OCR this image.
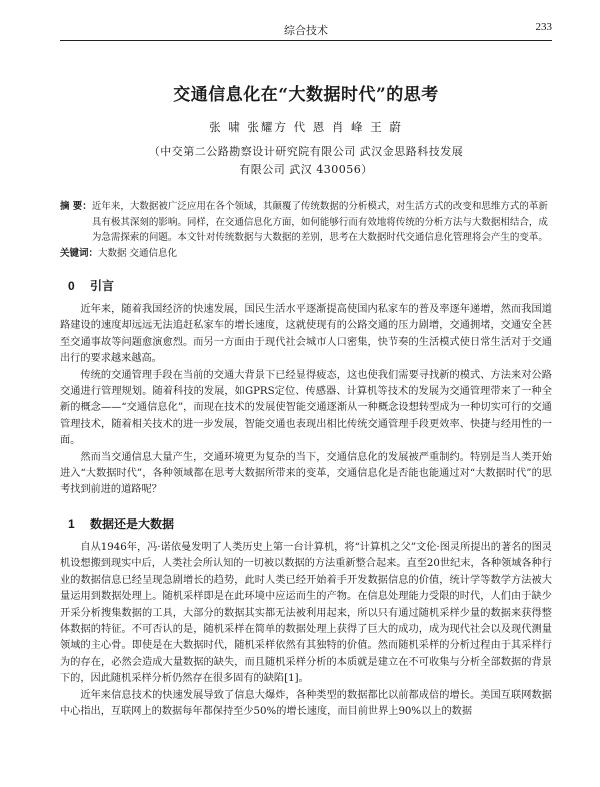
综合技术	233
交通信息化在“大数据时代”的思考
张 啸 张耀方 代 恩 肖 峰 王 蔚
（中交第二公路勘察设计研究院有限公司 武汉金思路科技发展
有限公司 武汉 430056）
摘 要： 近年来，大数据被广泛应用在各个领域，其颠覆了传统数据的分析模式，对生活方式的改变和思维方式的革新具有极其深刻的影响。同样，在交通信息化方面，如何能够行而有效地将传统的分析方法与大数据相结合，成为急需探索的问题。本文针对传统数据与大数据的差别，思考在大数据时代交通信息化管理将会产生的变革。
关键词：大数据 交通信息化
0 引言

近年来，随着我国经济的快速发展，国民生活水平逐渐提高使国内私家车的普及率逐年递增，然而我国道路建设的速度却远远无法追赶私家车的增长速度，这就使现有的公路交通的压力剧增，交通拥堵，交通安全甚至交通事故等问题愈演愈烈。而另一方面由于现代社会城市人口密集，快节奏的生活模式使日常生活对于交通出行的要求越来越高。

传统的交通管理手段在当前的交通大背景下已经显得疲态，这也使我们需要寻找新的模式、方法来对公路交通进行管理规划。随着科技的发展，如GPRS定位、传感器、计算机等技术的发展为交通管理带来了一种全新的概念——“交通信息化”，而现在技术的发展使智能交通逐渐从一种概念设想转型成为一种切实可行的交通管理技术，随着相关技术的进一步发展，智能交通也表现出相比传统交通管理手段更效率、快捷与经用性的一面。

然而当交通信息大量产生，交通环境更为复杂的当下，交通信息化的发展被严重制约。特别是当人类开始进入“大数据时代”，各种领域都在思考大数据所带来的变革，交通信息化是否能也能通过对“大数据时代”的思考找到前进的道路呢？

1 数据还是大数据

自从1946年，冯·诺依曼发明了人类历史上第一台计算机，将“计算机之父”文伦·图灵所提出的著名的图灵机设想搬到现实中后，人类社会所认知的一切被以数据的方法重新整合起来。直至20世纪末，各种领域各种行业的数据信息已经呈现急剧增长的趋势，此时人类已经开始着手开发数据信息的价值，统计学等数学方法被大量运用到数据处理上。随机采样即是在此环境中应运而生的产物。在信息处理能力受限的时代，人们由于缺少开采分析搜集数据的工具，大部分的数据其实都无法被利用起来，所以只有通过随机采样少量的数据来获得整体数据的特征。不可否认的是，随机采样在简单的数据处理上获得了巨大的成功，成为现代社会以及现代测量领域的主心骨。即使是在大数据时代，随机采样依然有其独特的价值。然而随机采样的分析过程由于其采样行为的存在，必然会造成大量数据的缺失，而且随机采样分析的本质就是建立在不可收集与分析全部数据的背景下的，因此随机采样分析仍然存在很多固有的缺陷[1]。

近年来信息技术的快速发展导致了信息大爆炸，各种类型的数据都比以前都成倍的增长。美国互联网数据中心指出，互联网上的数据每年都保持至少50%的增长速度，而目前世界上90%以上的数据
